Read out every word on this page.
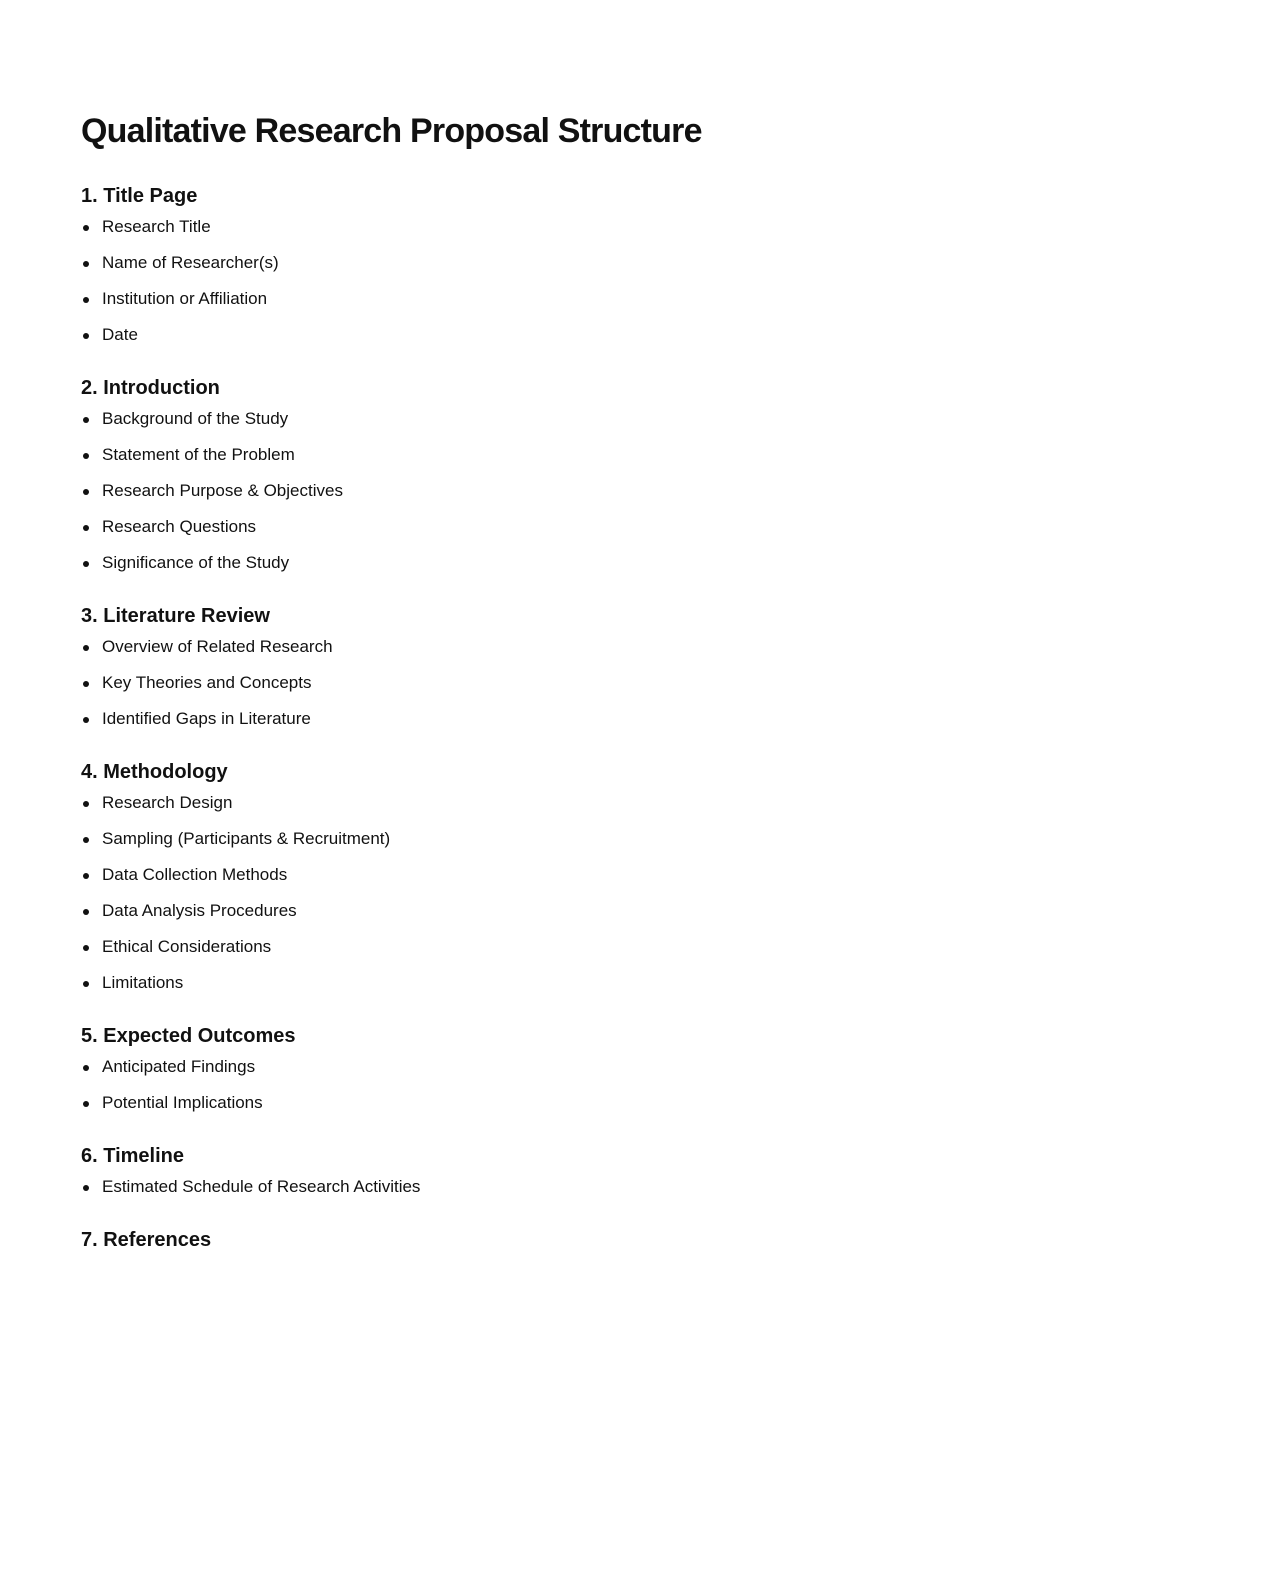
Qualitative Research Proposal Structure
1. Title Page
Research Title
Name of Researcher(s)
Institution or Affiliation
Date
2. Introduction
Background of the Study
Statement of the Problem
Research Purpose & Objectives
Research Questions
Significance of the Study
3. Literature Review
Overview of Related Research
Key Theories and Concepts
Identified Gaps in Literature
4. Methodology
Research Design
Sampling (Participants & Recruitment)
Data Collection Methods
Data Analysis Procedures
Ethical Considerations
Limitations
5. Expected Outcomes
Anticipated Findings
Potential Implications
6. Timeline
Estimated Schedule of Research Activities
7. References
